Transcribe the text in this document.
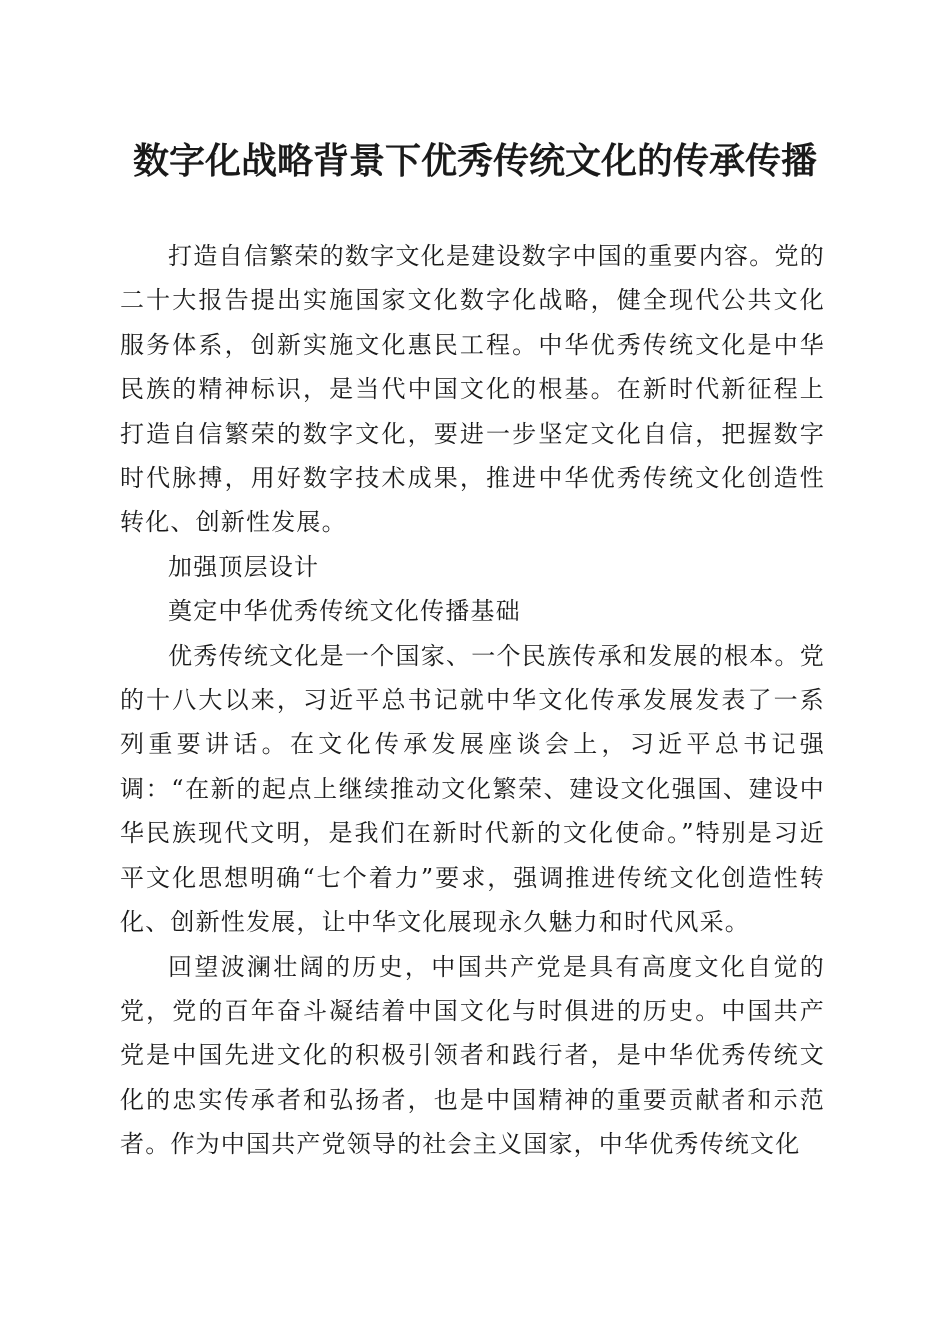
数字化战略背景下优秀传统文化的传承传播

打造自信繁荣的数字文化是建设数字中国的重要内容。党的二十大报告提出实施国家文化数字化战略，健全现代公共文化服务体系，创新实施文化惠民工程。中华优秀传统文化是中华民族的精神标识，是当代中国文化的根基。在新时代新征程上打造自信繁荣的数字文化，要进一步坚定文化自信，把握数字时代脉搏，用好数字技术成果，推进中华优秀传统文化创造性转化、创新性发展。

加强顶层设计

奠定中华优秀传统文化传播基础

优秀传统文化是一个国家、一个民族传承和发展的根本。党的十八大以来，习近平总书记就中华文化传承发展发表了一系列重要讲话。在文化传承发展座谈会上，习近平总书记强调：“在新的起点上继续推动文化繁荣、建设文化强国、建设中华民族现代文明，是我们在新时代新的文化使命。”特别是习近平文化思想明确“七个着力”要求，强调推进传统文化创造性转化、创新性发展，让中华文化展现永久魅力和时代风采。

回望波澜壮阔的历史，中国共产党是具有高度文化自觉的党，党的百年奋斗凝结着中国文化与时俱进的历史。中国共产党是中国先进文化的积极引领者和践行者，是中华优秀传统文化的忠实传承者和弘扬者，也是中国精神的重要贡献者和示范者。作为中国共产党领导的社会主义国家，中华优秀传统文化
